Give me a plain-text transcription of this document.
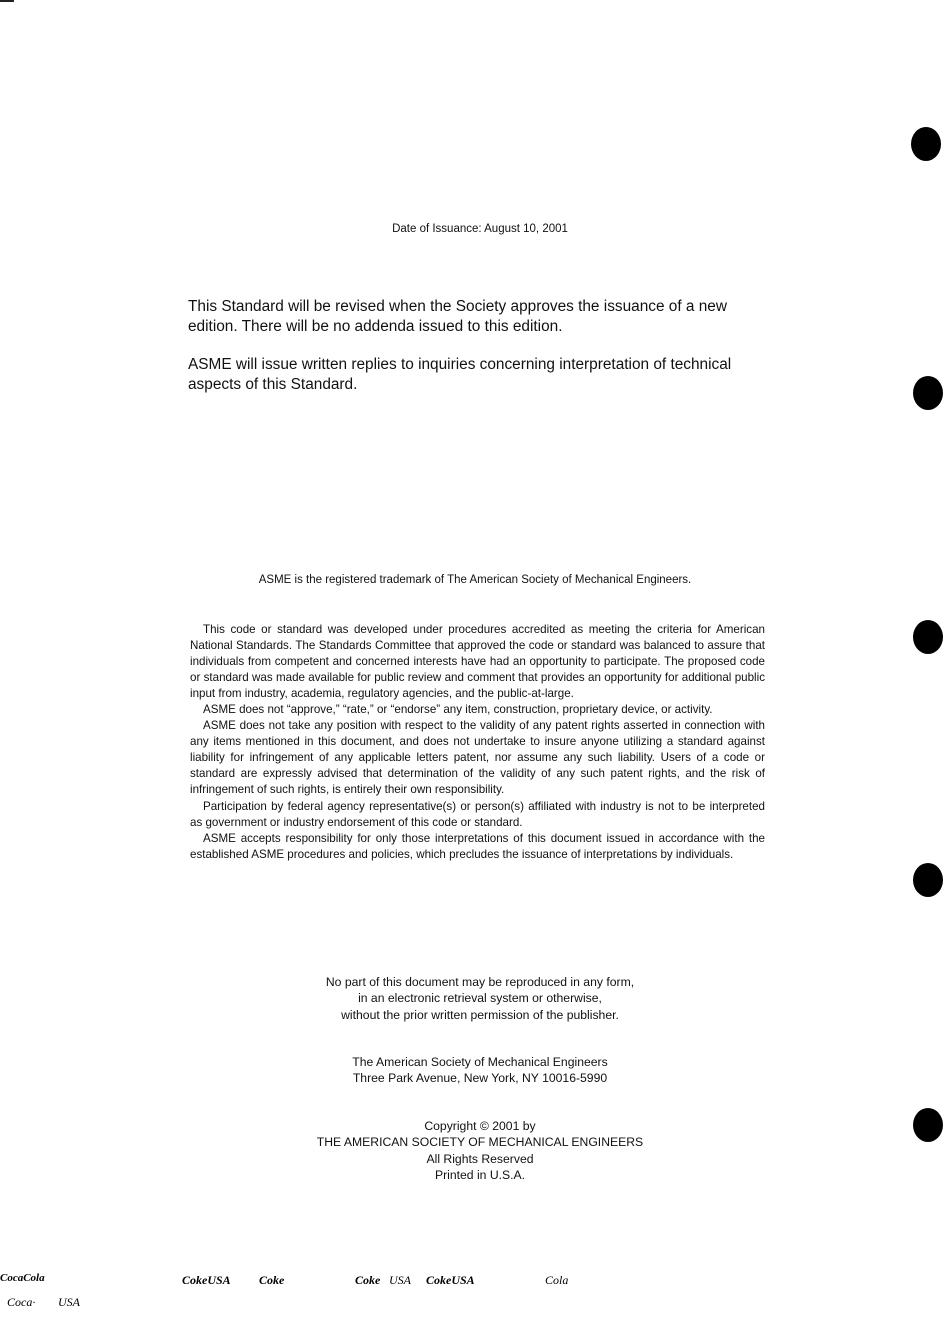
Date of Issuance: August 10, 2001
This Standard will be revised when the Society approves the issuance of a new edition. There will be no addenda issued to this edition.
ASME will issue written replies to inquiries concerning interpretation of technical aspects of this Standard.
ASME is the registered trademark of The American Society of Mechanical Engineers.

This code or standard was developed under procedures accredited as meeting the criteria for American National Standards. The Standards Committee that approved the code or standard was balanced to assure that individuals from competent and concerned interests have had an opportunity to participate. The proposed code or standard was made available for public review and comment that provides an opportunity for additional public input from industry, academia, regulatory agencies, and the public-at-large.

ASME does not “approve,” “rate,” or “endorse” any item, construction, proprietary device, or activity.

ASME does not take any position with respect to the validity of any patent rights asserted in connection with any items mentioned in this document, and does not undertake to insure anyone utilizing a standard against liability for infringement of any applicable letters patent, nor assume any such liability. Users of a code or standard are expressly advised that determination of the validity of any such patent rights, and the risk of infringement of such rights, is entirely their own responsibility.

Participation by federal agency representative(s) or person(s) affiliated with industry is not to be interpreted as government or industry endorsement of this code or standard.

ASME accepts responsibility for only those interpretations of this document issued in accordance with the established ASME procedures and policies, which precludes the issuance of interpretations by individuals.

No part of this document may be reproduced in any form,
in an electronic retrieval system or otherwise,
without the prior written permission of the publisher.
The American Society of Mechanical Engineers
Three Park Avenue, New York, NY 10016-5990
Copyright © 2001 by
THE AMERICAN SOCIETY OF MECHANICAL ENGINEERS
All Rights Reserved
Printed in U.S.A.
CocaCola	CokeUSA Coke	Coke USA CokeUSA	Cola
Coca· USA
